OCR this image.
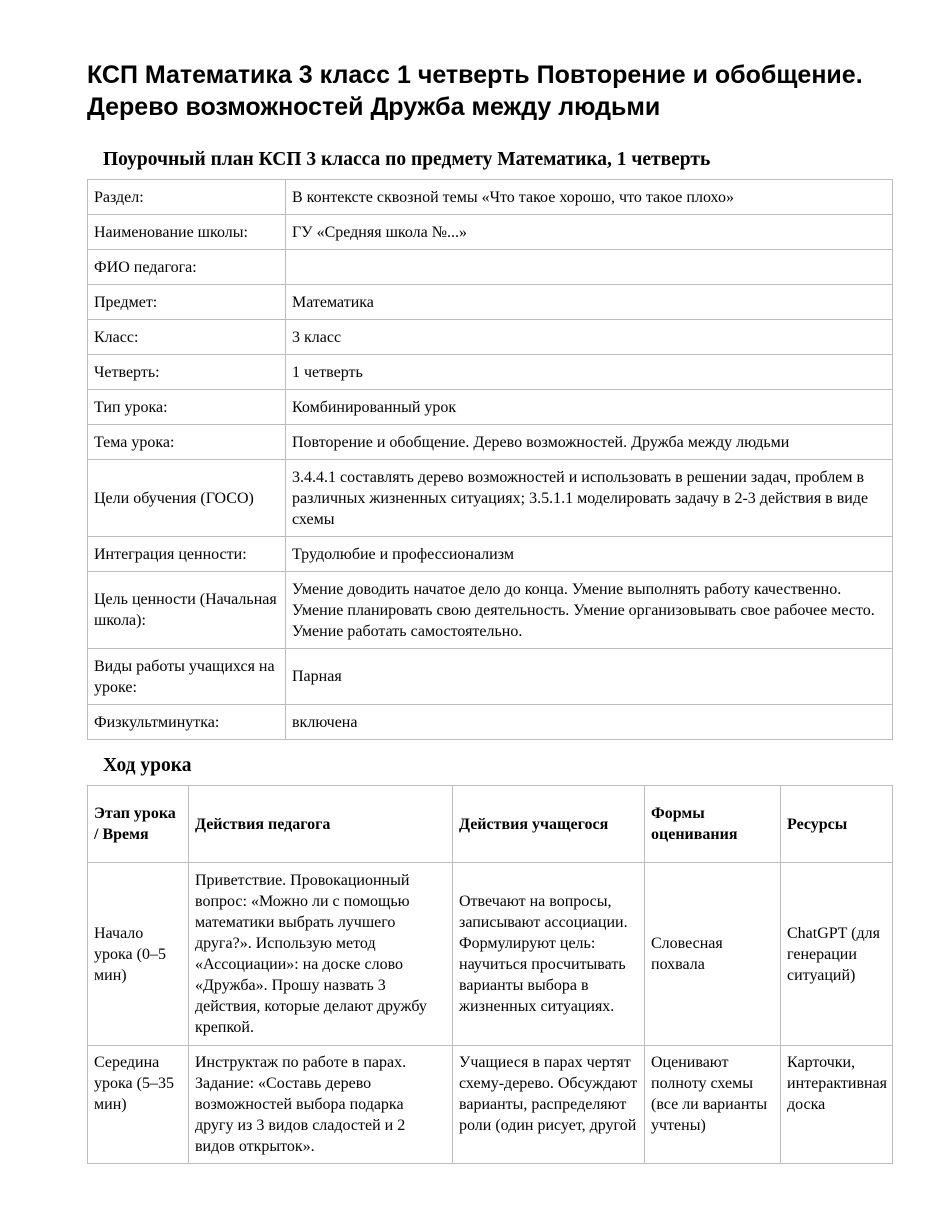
КСП Математика 3 класс 1 четверть Повторение и обобщение. Дерево возможностей Дружба между людьми
Поурочный план КСП 3 класса по предмету Математика, 1 четверть
Раздел:	В контексте сквозной темы «Что такое хорошо, что такое плохо»
Наименование школы:	ГУ «Средняя школа №...»
ФИО педагога:	
Предмет:	Математика
Класс:	3 класс
Четверть:	1 четверть
Тип урока:	Комбинированный урок
Тема урока:	Повторение и обобщение. Дерево возможностей. Дружба между людьми
Цели обучения (ГОСО)	3.4.4.1 составлять дерево возможностей и использовать в решении задач, проблем в различных жизненных ситуациях; 3.5.1.1 моделировать задачу в 2-3 действия в виде схемы
Интеграция ценности:	Трудолюбие и профессионализм
Цель ценности (Начальная школа):	Умение доводить начатое дело до конца. Умение выполнять работу качественно. Умение планировать свою деятельность. Умение организовывать свое рабочее место. Умение работать самостоятельно.
Виды работы учащихся на уроке:	Парная
Физкультминутка:	включена
Ход урока
Этап урока / Время	Действия педагога	Действия учащегося	Формы оценивания	Ресурсы
Начало урока (0–5 мин)	Приветствие. Провокационный вопрос: «Можно ли с помощью математики выбрать лучшего друга?». Использую метод «Ассоциации»: на доске слово «Дружба». Прошу назвать 3 действия, которые делают дружбу крепкой.	Отвечают на вопросы, записывают ассоциации. Формулируют цель: научиться просчитывать варианты выбора в жизненных ситуациях.	Словесная похвала	ChatGPT (для генерации ситуаций)
Середина урока (5–35 мин)	Инструктаж по работе в парах. Задание: «Составь дерево возможностей выбора подарка другу из 3 видов сладостей и 2 видов открыток».	Учащиеся в парах чертят схему-дерево. Обсуждают варианты, распределяют роли (один рисует, другой	Оценивают полноту схемы (все ли варианты учтены)	Карточки, интерактивная доска
